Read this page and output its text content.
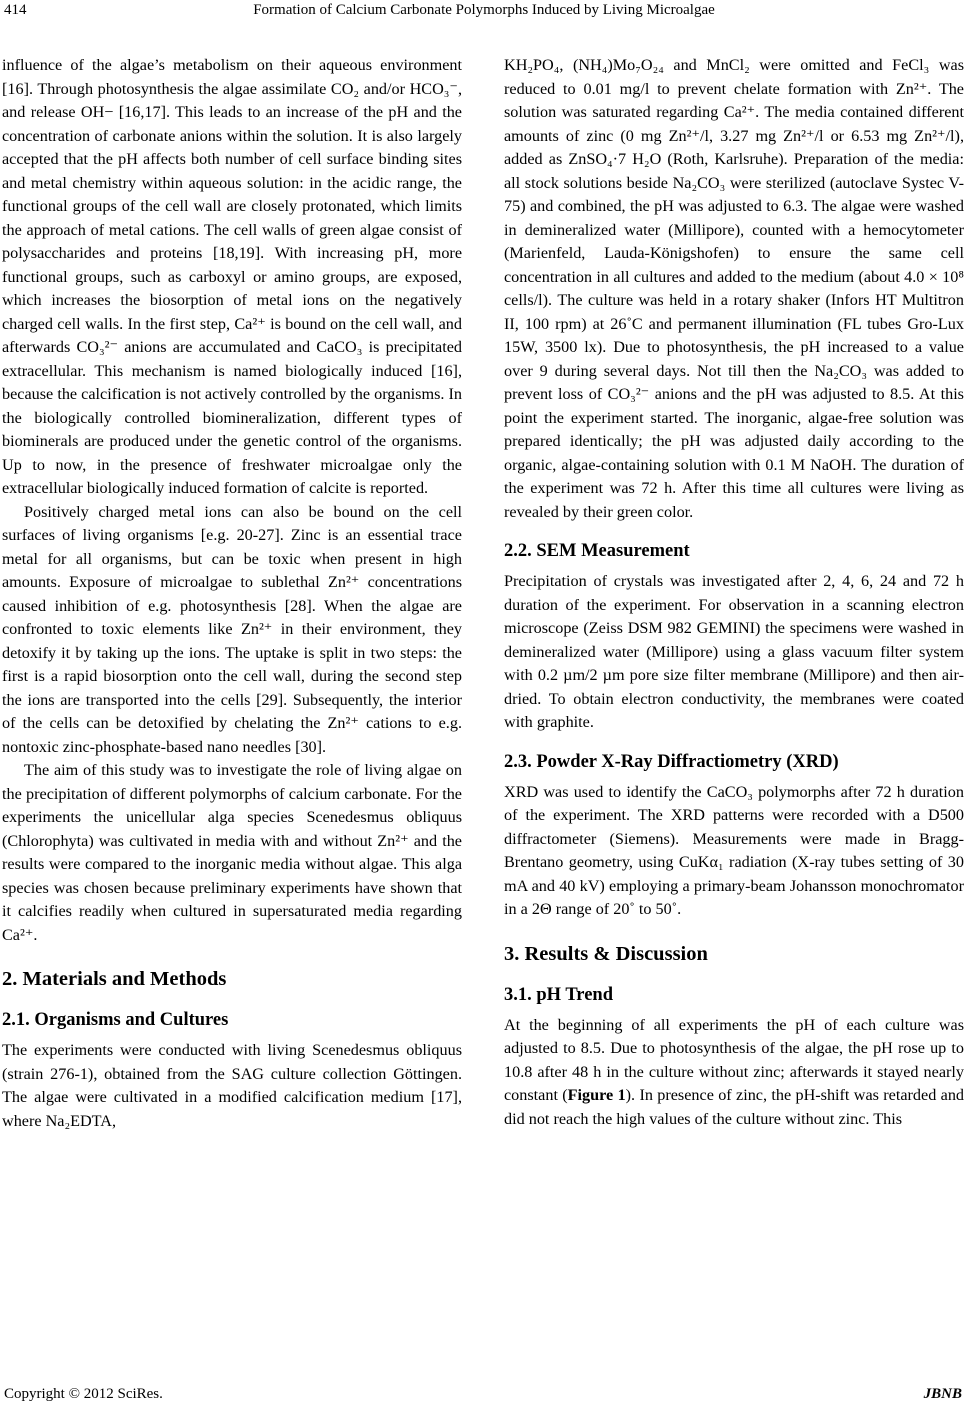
414	Formation of Calcium Carbonate Polymorphs Induced by Living Microalgae

influence of the algae’s metabolism on their aqueous environment [16]. Through photosynthesis the algae assimilate CO₂ and/or HCO₃⁻, and release OH− [16,17]. This leads to an increase of the pH and the concentration of carbonate anions within the solution. It is also largely accepted that the pH affects both number of cell surface binding sites and metal chemistry within aqueous solution: in the acidic range, the functional groups of the cell wall are closely protonated, which limits the approach of metal cations. The cell walls of green algae consist of polysaccharides and proteins [18,19]. With increasing pH, more functional groups, such as carboxyl or amino groups, are exposed, which increases the biosorption of metal ions on the negatively charged cell walls. In the first step, Ca²⁺ is bound on the cell wall, and afterwards CO₃²⁻ anions are accumulated and CaCO₃ is precipitated extracellular. This mechanism is named biologically induced [16], because the calcification is not actively controlled by the organisms. In the biologically controlled biomineralization, different types of biominerals are produced under the genetic control of the organisms. Up to now, in the presence of freshwater microalgae only the extracellular biologically induced formation of calcite is reported.

Positively charged metal ions can also be bound on the cell surfaces of living organisms [e.g. 20-27]. Zinc is an essential trace metal for all organisms, but can be toxic when present in high amounts. Exposure of microalgae to sublethal Zn²⁺ concentrations caused inhibition of e.g. photosynthesis [28]. When the algae are confronted to toxic elements like Zn²⁺ in their environment, they detoxify it by taking up the ions. The uptake is split in two steps: the first is a rapid biosorption onto the cell wall, during the second step the ions are transported into the cells [29]. Subsequently, the interior of the cells can be detoxified by chelating the Zn²⁺ cations to e.g. nontoxic zinc-phosphate-based nano needles [30].

The aim of this study was to investigate the role of living algae on the precipitation of different polymorphs of calcium carbonate. For the experiments the unicellular alga species Scenedesmus obliquus (Chlorophyta) was cultivated in media with and without Zn²⁺ and the results were compared to the inorganic media without algae. This alga species was chosen because preliminary experiments have shown that it calcifies readily when cultured in supersaturated media regarding Ca²⁺.

2. Materials and Methods
2.1. Organisms and Cultures

The experiments were conducted with living Scenedesmus obliquus (strain 276-1), obtained from the SAG culture collection Göttingen. The algae were cultivated in a modified calcification medium [17], where Na₂EDTA,

KH₂PO₄, (NH₄)Mo₇O₂₄ and MnCl₂ were omitted and FeCl₃ was reduced to 0.01 mg/l to prevent chelate formation with Zn²⁺. The solution was saturated regarding Ca²⁺. The media contained different amounts of zinc (0 mg Zn²⁺/l, 3.27 mg Zn²⁺/l or 6.53 mg Zn²⁺/l), added as ZnSO₄·7 H₂O (Roth, Karlsruhe). Preparation of the media: all stock solutions beside Na₂CO₃ were sterilized (autoclave Systec V-75) and combined, the pH was adjusted to 6.3. The algae were washed in demineralized water (Millipore), counted with a hemocytometer (Marienfeld, Lauda-Königshofen) to ensure the same cell concentration in all cultures and added to the medium (about 4.0 × 10⁸ cells/l). The culture was held in a rotary shaker (Infors HT Multitron II, 100 rpm) at 26˚C and permanent illumination (FL tubes Gro-Lux 15W, 3500 lx). Due to photosynthesis, the pH increased to a value over 9 during several days. Not till then the Na₂CO₃ was added to prevent loss of CO₃²⁻ anions and the pH was adjusted to 8.5. At this point the experiment started. The inorganic, algae-free solution was prepared identically; the pH was adjusted daily according to the organic, algae-containing solution with 0.1 M NaOH. The duration of the experiment was 72 h. After this time all cultures were living as revealed by their green color.

2.2. SEM Measurement

Precipitation of crystals was investigated after 2, 4, 6, 24 and 72 h duration of the experiment. For observation in a scanning electron microscope (Zeiss DSM 982 GEMINI) the specimens were washed in demineralized water (Millipore) using a glass vacuum filter system with 0.2 µm/2 µm pore size filter membrane (Millipore) and then air-dried. To obtain electron conductivity, the membranes were coated with graphite.

2.3. Powder X-Ray Diffractiometry (XRD)

XRD was used to identify the CaCO₃ polymorphs after 72 h duration of the experiment. The XRD patterns were recorded with a D500 diffractometer (Siemens). Measurements were made in Bragg-Brentano geometry, using CuKα₁ radiation (X-ray tubes setting of 30 mA and 40 kV) employing a primary-beam Johansson monochromator in a 2Θ range of 20˚ to 50˚.

3. Results & Discussion
3.1. pH Trend

At the beginning of all experiments the pH of each culture was adjusted to 8.5. Due to photosynthesis of the algae, the pH rose up to 10.8 after 48 h in the culture without zinc; afterwards it stayed nearly constant (Figure 1). In presence of zinc, the pH-shift was retarded and did not reach the high values of the culture without zinc. This

Copyright © 2012 SciRes.	JBNB
